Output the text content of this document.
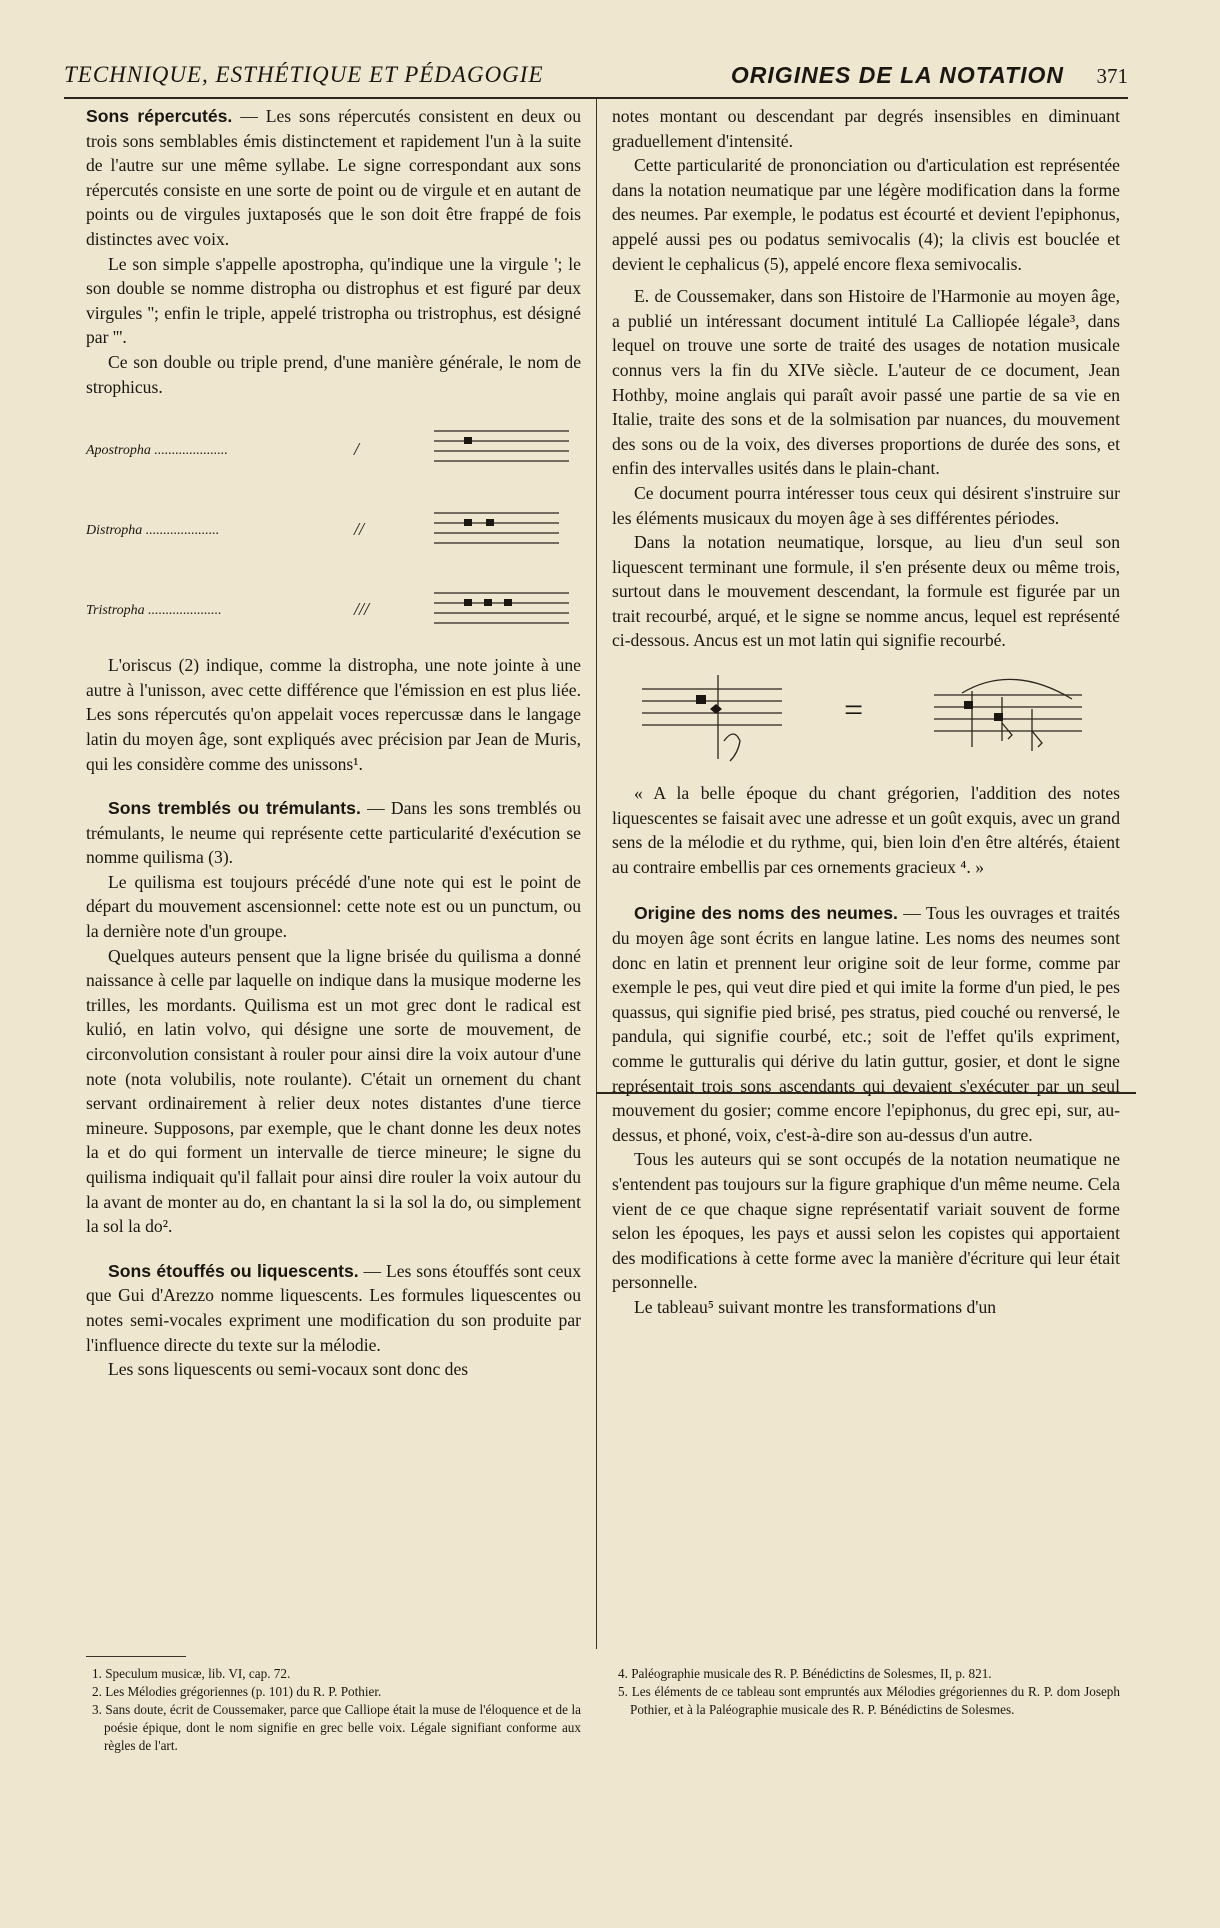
TECHNIQUE, ESTHÉTIQUE ET PÉDAGOGIE	ORIGINES DE LA NOTATION 371

Sons répercutés. — Les sons répercutés consistent en deux ou trois sons semblables émis distinctement et rapidement l'un à la suite de l'autre sur une même syllabe. Le signe correspondant aux sons répercutés consiste en une sorte de point ou de virgule et en autant de points ou de virgules juxtaposés que le son doit être frappé de fois distinctes avec voix.

Le son simple s'appelle apostropha, qu'indique une la virgule '; le son double se nomme distropha ou distrophus et est figuré par deux virgules ''; enfin le triple, appelé tristropha ou tristrophus, est désigné par '''.

Ce son double ou triple prend, d'une manière générale, le nom de strophicus.

Apostropha .....................	/
Distropha .....................	//
Tristropha .....................	///

L'oriscus (2) indique, comme la distropha, une note jointe à une autre à l'unisson, avec cette différence que l'émission en est plus liée. Les sons répercutés qu'on appelait voces repercussæ dans le langage latin du moyen âge, sont expliqués avec précision par Jean de Muris, qui les considère comme des unissons¹.

Sons tremblés ou trémulants. — Dans les sons tremblés ou trémulants, le neume qui représente cette particularité d'exécution se nomme quilisma (3).

Le quilisma est toujours précédé d'une note qui est le point de départ du mouvement ascensionnel: cette note est ou un punctum, ou la dernière note d'un groupe.

Quelques auteurs pensent que la ligne brisée du quilisma a donné naissance à celle par laquelle on indique dans la musique moderne les trilles, les mordants. Quilisma est un mot grec dont le radical est kulió, en latin volvo, qui désigne une sorte de mouvement, de circonvolution consistant à rouler pour ainsi dire la voix autour d'une note (nota volubilis, note roulante). C'était un ornement du chant servant ordinairement à relier deux notes distantes d'une tierce mineure. Supposons, par exemple, que le chant donne les deux notes la et do qui forment un intervalle de tierce mineure; le signe du quilisma indiquait qu'il fallait pour ainsi dire rouler la voix autour du la avant de monter au do, en chantant la si la sol la do, ou simplement la sol la do².

Sons étouffés ou liquescents. — Les sons étouffés sont ceux que Gui d'Arezzo nomme liquescents. Les formules liquescentes ou notes semi-vocales expriment une modification du son produite par l'influence directe du texte sur la mélodie.

Les sons liquescents ou semi-vocaux sont donc des

notes montant ou descendant par degrés insensibles en diminuant graduellement d'intensité.

Cette particularité de prononciation ou d'articulation est représentée dans la notation neumatique par une légère modification dans la forme des neumes. Par exemple, le podatus est écourté et devient l'epiphonus, appelé aussi pes ou podatus semivocalis (4); la clivis est bouclée et devient le cephalicus (5), appelé encore flexa semivocalis.

E. de Coussemaker, dans son Histoire de l'Harmonie au moyen âge, a publié un intéressant document intitulé La Calliopée légale³, dans lequel on trouve une sorte de traité des usages de notation musicale connus vers la fin du XIVe siècle. L'auteur de ce document, Jean Hothby, moine anglais qui paraît avoir passé une partie de sa vie en Italie, traite des sons et de la solmisation par nuances, du mouvement des sons ou de la voix, des diverses proportions de durée des sons, et enfin des intervalles usités dans le plain-chant.

Ce document pourra intéresser tous ceux qui désirent s'instruire sur les éléments musicaux du moyen âge à ses différentes périodes.

Dans la notation neumatique, lorsque, au lieu d'un seul son liquescent terminant une formule, il s'en présente deux ou même trois, surtout dans le mouvement descendant, la formule est figurée par un trait recourbé, arqué, et le signe se nomme ancus, lequel est représenté ci-dessous. Ancus est un mot latin qui signifie recourbé.

=

« A la belle époque du chant grégorien, l'addition des notes liquescentes se faisait avec une adresse et un goût exquis, avec un grand sens de la mélodie et du rythme, qui, bien loin d'en être altérés, étaient au contraire embellis par ces ornements gracieux ⁴. »

Origine des noms des neumes. — Tous les ouvrages et traités du moyen âge sont écrits en langue latine. Les noms des neumes sont donc en latin et prennent leur origine soit de leur forme, comme par exemple le pes, qui veut dire pied et qui imite la forme d'un pied, le pes quassus, qui signifie pied brisé, pes stratus, pied couché ou renversé, le pandula, qui signifie courbé, etc.; soit de l'effet qu'ils expriment, comme le gutturalis qui dérive du latin guttur, gosier, et dont le signe représentait trois sons ascendants qui devaient s'exécuter par un seul mouvement du gosier; comme encore l'epiphonus, du grec epi, sur, au-dessus, et phoné, voix, c'est-à-dire son au-dessus d'un autre.

Tous les auteurs qui se sont occupés de la notation neumatique ne s'entendent pas toujours sur la figure graphique d'un même neume. Cela vient de ce que chaque signe représentatif variait souvent de forme selon les époques, les pays et aussi selon les copistes qui apportaient des modifications à cette forme avec la manière d'écriture qui leur était personnelle.

Le tableau⁵ suivant montre les transformations d'un

1. Speculum musicæ, lib. VI, cap. 72.

2. Les Mélodies grégoriennes (p. 101) du R. P. Pothier.

3. Sans doute, écrit de Coussemaker, parce que Calliope était la muse de l'éloquence et de la poésie épique, dont le nom signifie en grec belle voix. Légale signifiant conforme aux règles de l'art.

4. Paléographie musicale des R. P. Bénédictins de Solesmes, II, p. 821.

5. Les éléments de ce tableau sont empruntés aux Mélodies grégoriennes du R. P. dom Joseph Pothier, et à la Paléographie musicale des R. P. Bénédictins de Solesmes.
